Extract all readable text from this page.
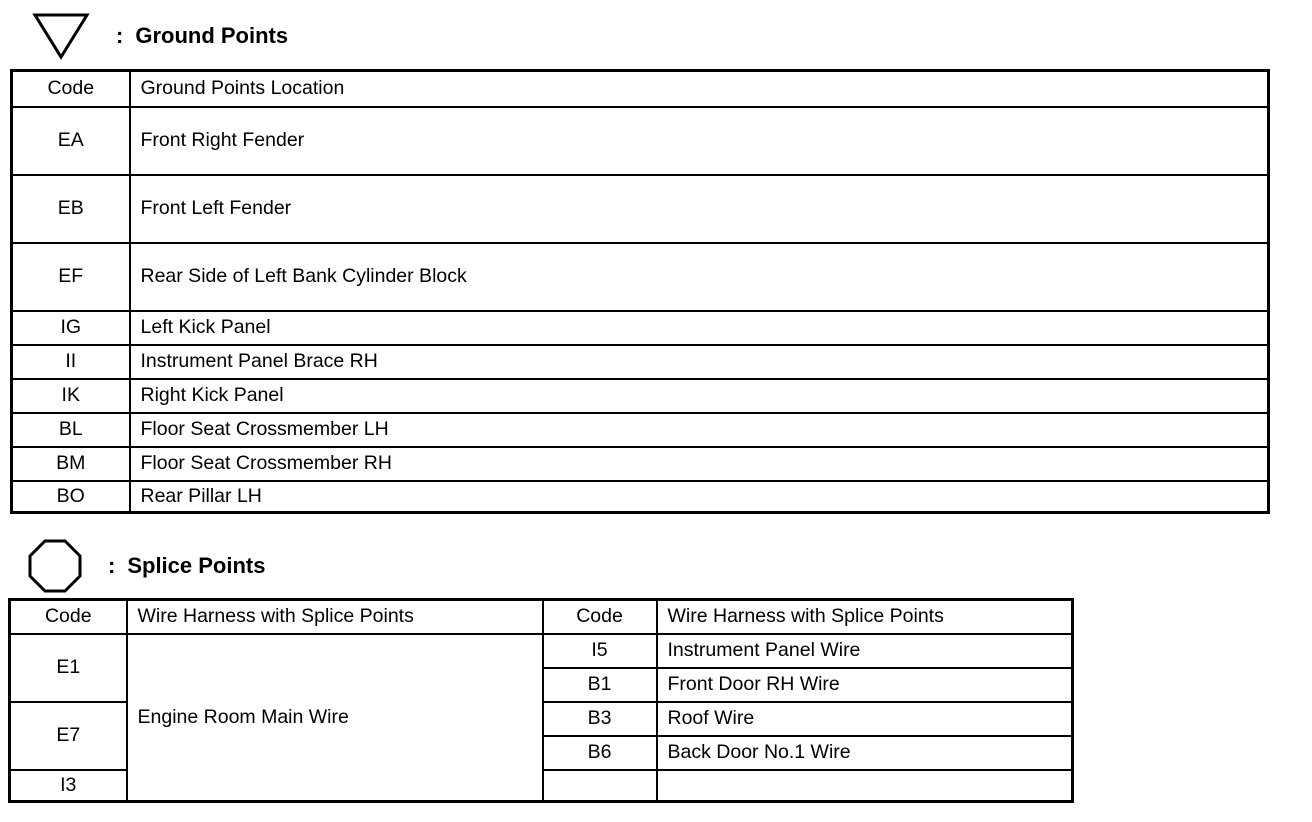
: Ground Points
Code	Ground Points Location
EA	Front Right Fender
EB	Front Left Fender
EF	Rear Side of Left Bank Cylinder Block
IG	Left Kick Panel
II	Instrument Panel Brace RH
IK	Right Kick Panel
BL	Floor Seat Crossmember LH
BM	Floor Seat Crossmember RH
BO	Rear Pillar LH
: Splice Points
Code	Wire Harness with Splice Points	Code	Wire Harness with Splice Points
E1	Engine Room Main Wire	I5	Instrument Panel Wire
		B1	Front Door RH Wire
E7		B3	Roof Wire
		B6	Back Door No.1 Wire
I3			
